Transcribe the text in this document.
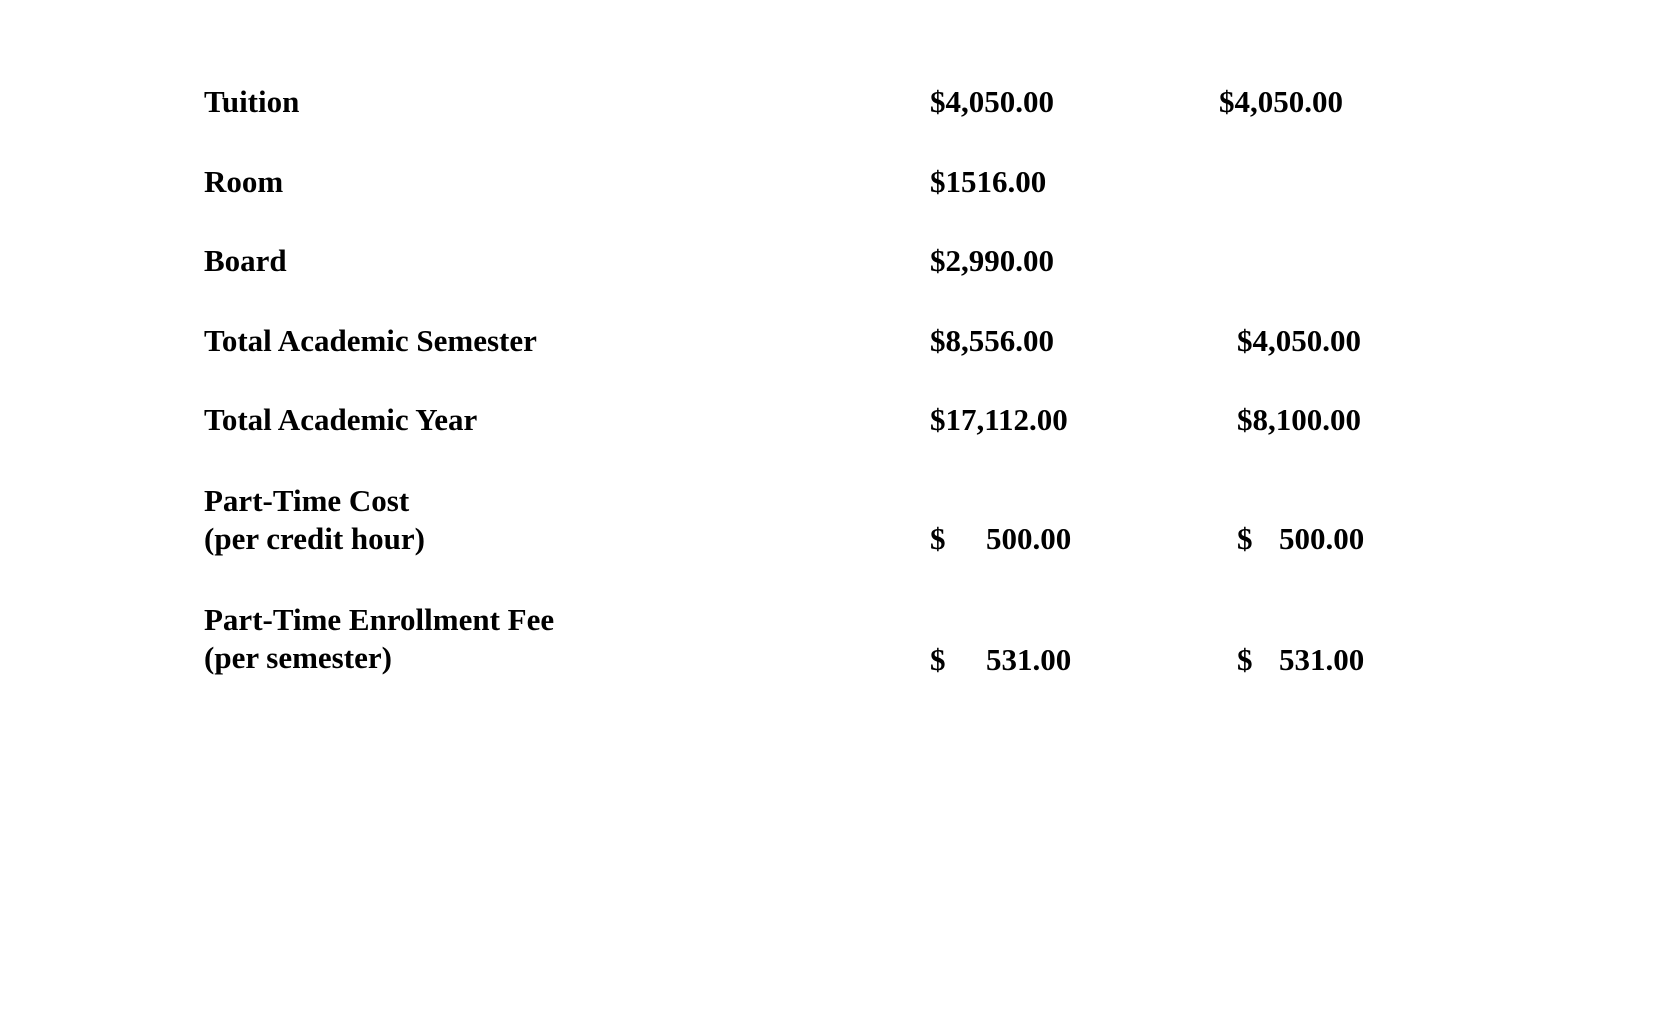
Tuition	$4,050.00	$4,050.00
Room	$1516.00
Board	$2,990.00
Total Academic Semester	$8,556.00	$4,050.00
Total Academic Year	$17,112.00	$8,100.00
Part-Time Cost
(per credit hour)	$ 500.00	$ 500.00
Part-Time Enrollment Fee
(per semester)	$ 531.00	$ 531.00
